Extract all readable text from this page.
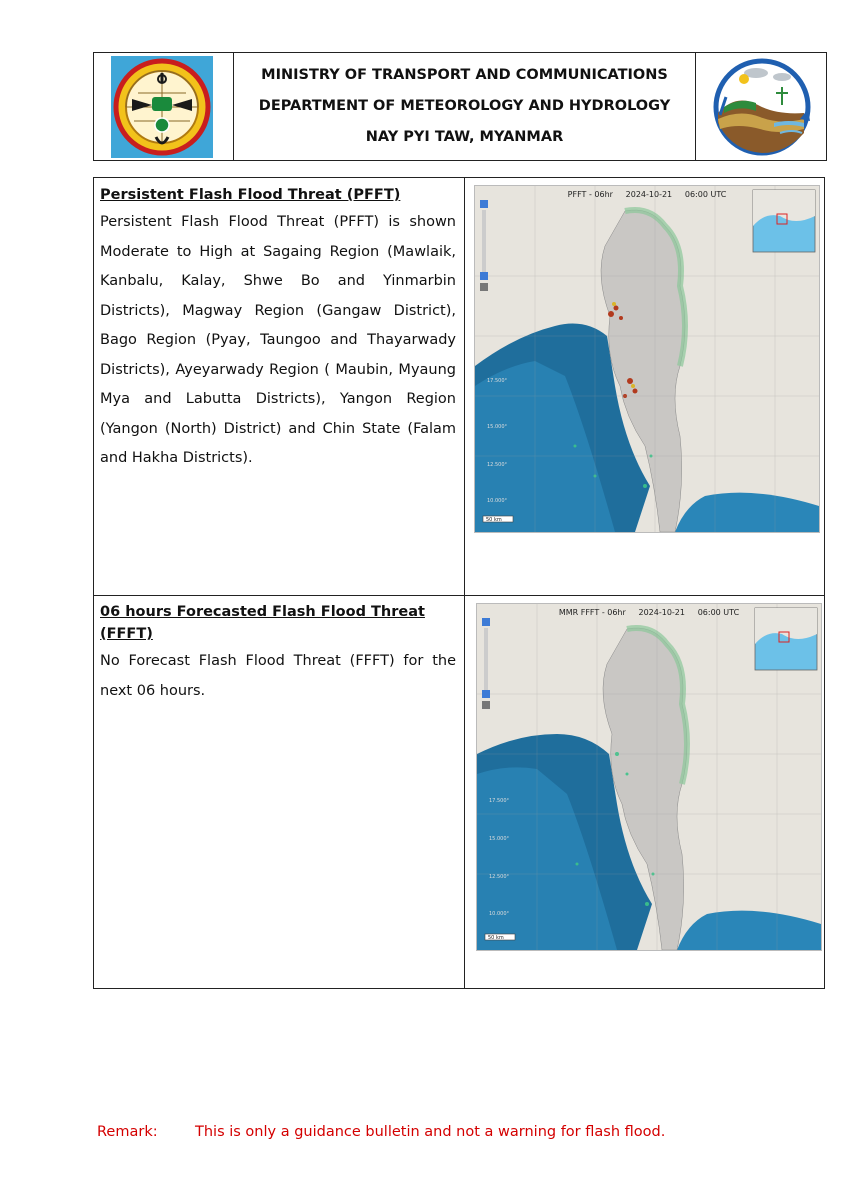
MINISTRY OF TRANSPORT AND COMMUNICATIONS
DEPARTMENT OF METEOROLOGY AND HYDROLOGY
NAY PYI TAW, MYANMAR
Persistent Flash Flood Threat (PFFT)
Persistent Flash Flood Threat (PFFT) is shown Moderate to High at Sagaing Region (Mawlaik, Kanbalu, Kalay, Shwe Bo and Yinmarbin Districts), Magway Region (Gangaw District), Bago Region (Pyay, Taungoo and Thayarwady Districts), Ayeyarwady Region ( Maubin, Myaung Mya and Labutta Districts), Yangon Region (Yangon (North) District) and Chin State (Falam and Hakha Districts).
PFFT - 06hr     2024-10-21     06:00 UTC
50 km
17.500°
15.000°
12.500°
10.000°
06 hours Forecasted Flash Flood Threat (FFFT)
No Forecast Flash Flood Threat (FFFT) for the next 06 hours.
MMR FFFT - 06hr     2024-10-21     06:00 UTC
50 km
17.500°
15.000°
12.500°
10.000°
Remark:	This is only a guidance bulletin and not a warning for flash flood.
